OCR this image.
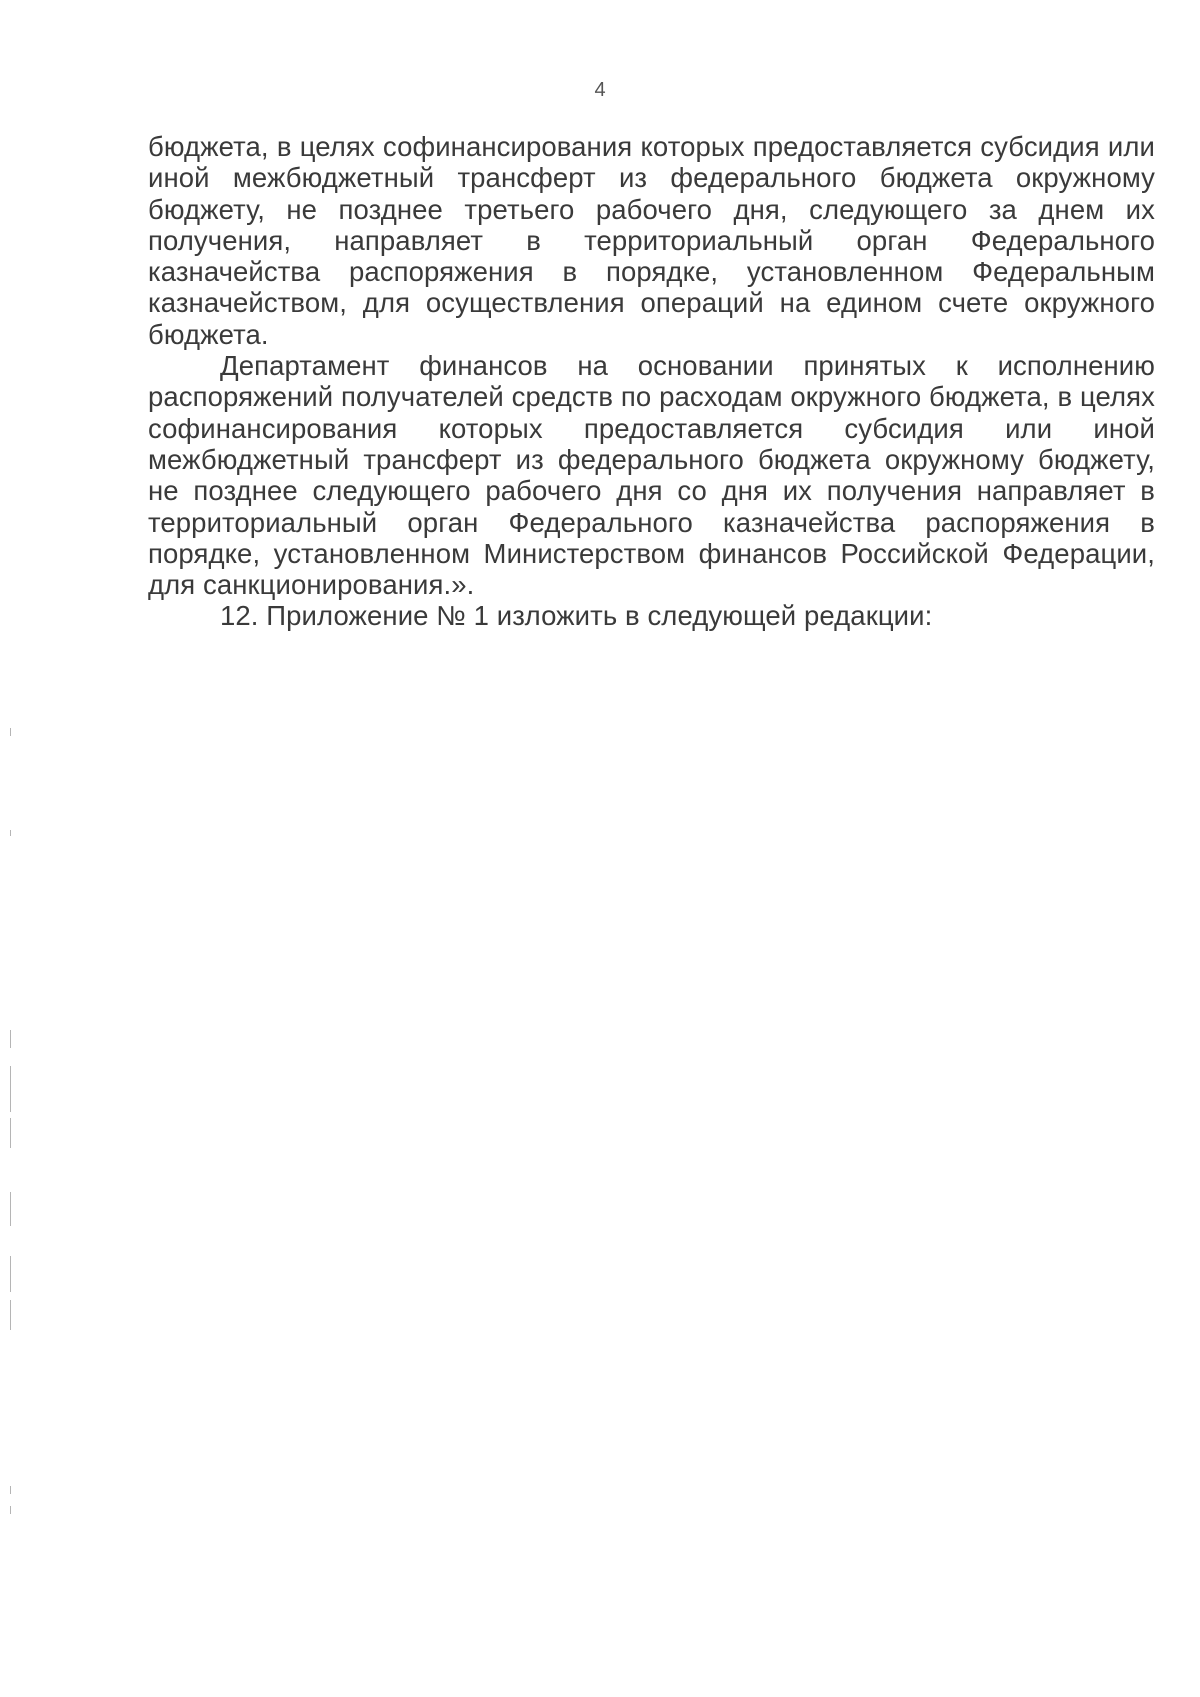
4

бюджета, в целях софинансирования которых предоставляется субсидия или иной межбюджетный трансферт из федерального бюджета окружному бюджету, не позднее третьего рабочего дня, следующего за днем их получения, направляет в территориальный орган Федерального казначейства распоряжения в порядке, установленном Федеральным казначейством, для осуществления операций на едином счете окружного бюджета.

Департамент финансов на основании принятых к исполнению распоряжений получателей средств по расходам окружного бюджета, в целях софинансирования которых предоставляется субсидия или иной межбюджетный трансферт из федерального бюджета окружному бюджету, не позднее следующего рабочего дня со дня их получения направляет в территориальный орган Федерального казначейства распоряжения в порядке, установленном Министерством финансов Российской Федерации, для санкционирования.».

12. Приложение № 1 изложить в следующей редакции:
